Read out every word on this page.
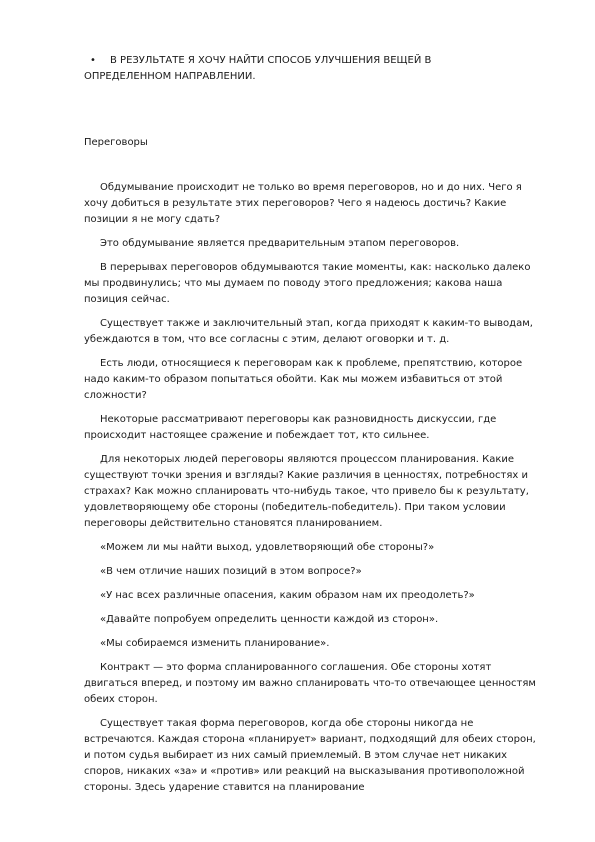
• В РЕЗУЛЬТАТЕ Я ХОЧУ НАЙТИ СПОСОБ УЛУЧШЕНИЯ ВЕЩЕЙ В
ОПРЕДЕЛЕННОМ НАПРАВЛЕНИИ.
Переговоры

Обдумывание происходит не только во время переговоров, но и до них. Чего я хочу добиться в результате этих переговоров? Чего я надеюсь достичь? Какие позиции я не могу сдать?

Это обдумывание является предварительным этапом переговоров.

В перерывах переговоров обдумываются такие моменты, как: насколько далеко мы продвинулись; что мы думаем по поводу этого предложения; какова наша позиция сейчас.

Существует также и заключительный этап, когда приходят к каким-то выводам, убеждаются в том, что все согласны с этим, делают оговорки и т. д.

Есть люди, относящиеся к переговорам как к проблеме, препятствию, которое надо каким-то образом попытаться обойти. Как мы можем избавиться от этой сложности?

Некоторые рассматривают переговоры как разновидность дискуссии, где происходит настоящее сражение и побеждает тот, кто сильнее.

Для некоторых людей переговоры являются процессом планирования. Какие существуют точки зрения и взгляды? Какие различия в ценностях, потребностях и страхах? Как можно спланировать что-нибудь такое, что привело бы к результату, удовлетворяющему обе стороны (победитель-победитель). При таком условии переговоры действительно становятся планированием.

«Можем ли мы найти выход, удовлетворяющий обе стороны?»

«В чем отличие наших позиций в этом вопросе?»

«У нас всех различные опасения, каким образом нам их преодолеть?»

«Давайте попробуем определить ценности каждой из сторон».

«Мы собираемся изменить планирование».

Контракт — это форма спланированного соглашения. Обе стороны хотят двигаться вперед, и поэтому им важно спланировать что-то отвечающее ценностям обеих сторон.

Существует такая форма переговоров, когда обе стороны никогда не встречаются. Каждая сторона «планирует» вариант, подходящий для обеих сторон, и потом судья выбирает из них самый приемлемый. В этом случае нет никаких споров, никаких «за» и «против» или реакций на высказывания противоположной стороны. Здесь ударение ставится на планирование
